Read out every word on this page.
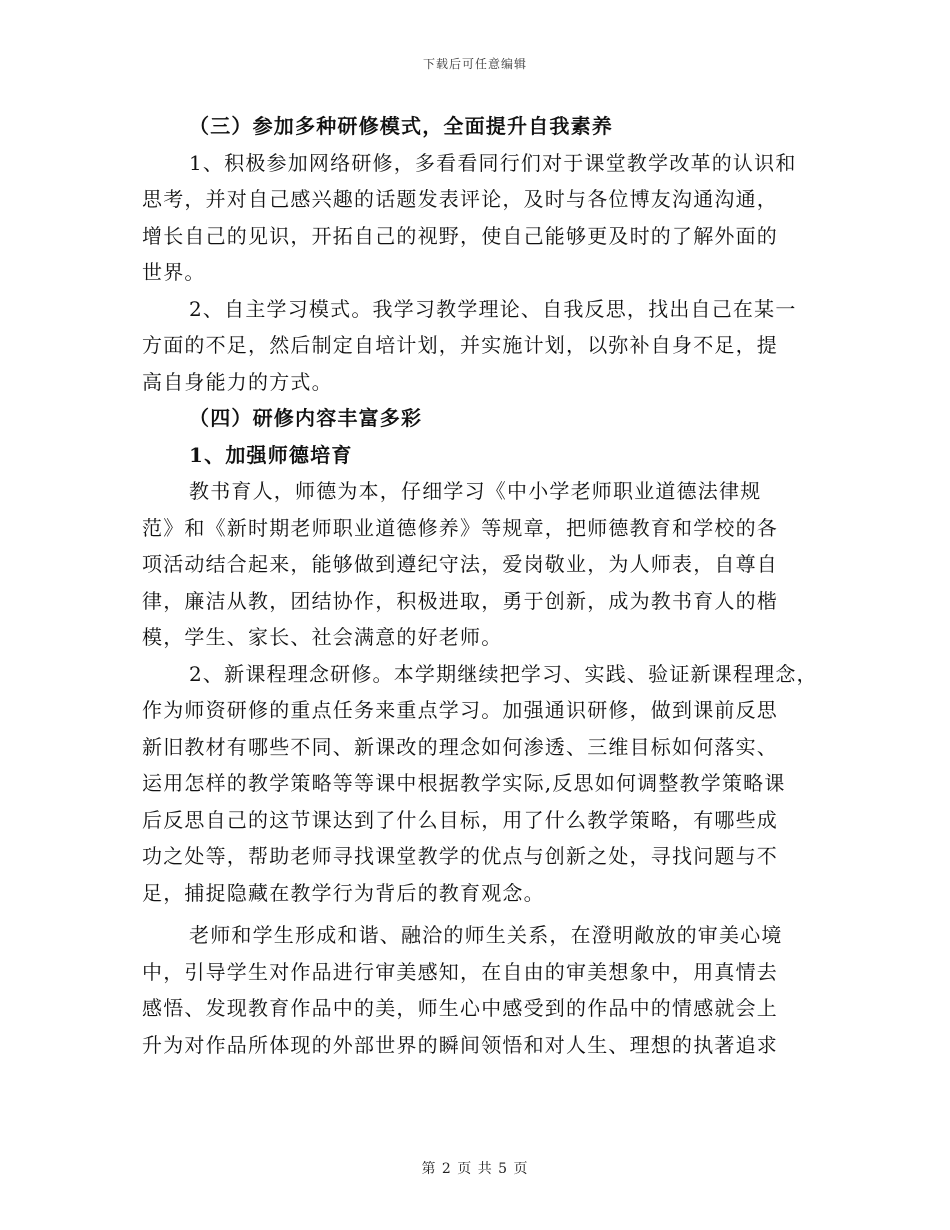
下载后可任意编辑
（三）参加多种研修模式，全面提升自我素养
1、积极参加网络研修，多看看同行们对于课堂教学改革的认识和
思考，并对自己感兴趣的话题发表评论，及时与各位博友沟通沟通，
增长自己的见识，开拓自己的视野，使自己能够更及时的了解外面的
世界。
2、自主学习模式。我学习教学理论、自我反思，找出自己在某一
方面的不足，然后制定自培计划，并实施计划，以弥补自身不足，提
高自身能力的方式。
（四）研修内容丰富多彩
1、加强师德培育
教书育人，师德为本，仔细学习《中小学老师职业道德法律规
范》和《新时期老师职业道德修养》等规章，把师德教育和学校的各
项活动结合起来，能够做到遵纪守法，爱岗敬业，为人师表，自尊自
律，廉洁从教，团结协作，积极进取，勇于创新，成为教书育人的楷
模，学生、家长、社会满意的好老师。
2、新课程理念研修。本学期继续把学习、实践、验证新课程理念，
作为师资研修的重点任务来重点学习。加强通识研修，做到课前反思
新旧教材有哪些不同、新课改的理念如何渗透、三维目标如何落实、
运用怎样的教学策略等等课中根据教学实际,反思如何调整教学策略课
后反思自己的这节课达到了什么目标，用了什么教学策略，有哪些成
功之处等，帮助老师寻找课堂教学的优点与创新之处，寻找问题与不
足，捕捉隐藏在教学行为背后的教育观念。
老师和学生形成和谐、融洽的师生关系，在澄明敞放的审美心境
中，引导学生对作品进行审美感知，在自由的审美想象中，用真情去
感悟、发现教育作品中的美，师生心中感受到的作品中的情感就会上
升为对作品所体现的外部世界的瞬间领悟和对人生、理想的执著追求
第 2 页 共 5 页
